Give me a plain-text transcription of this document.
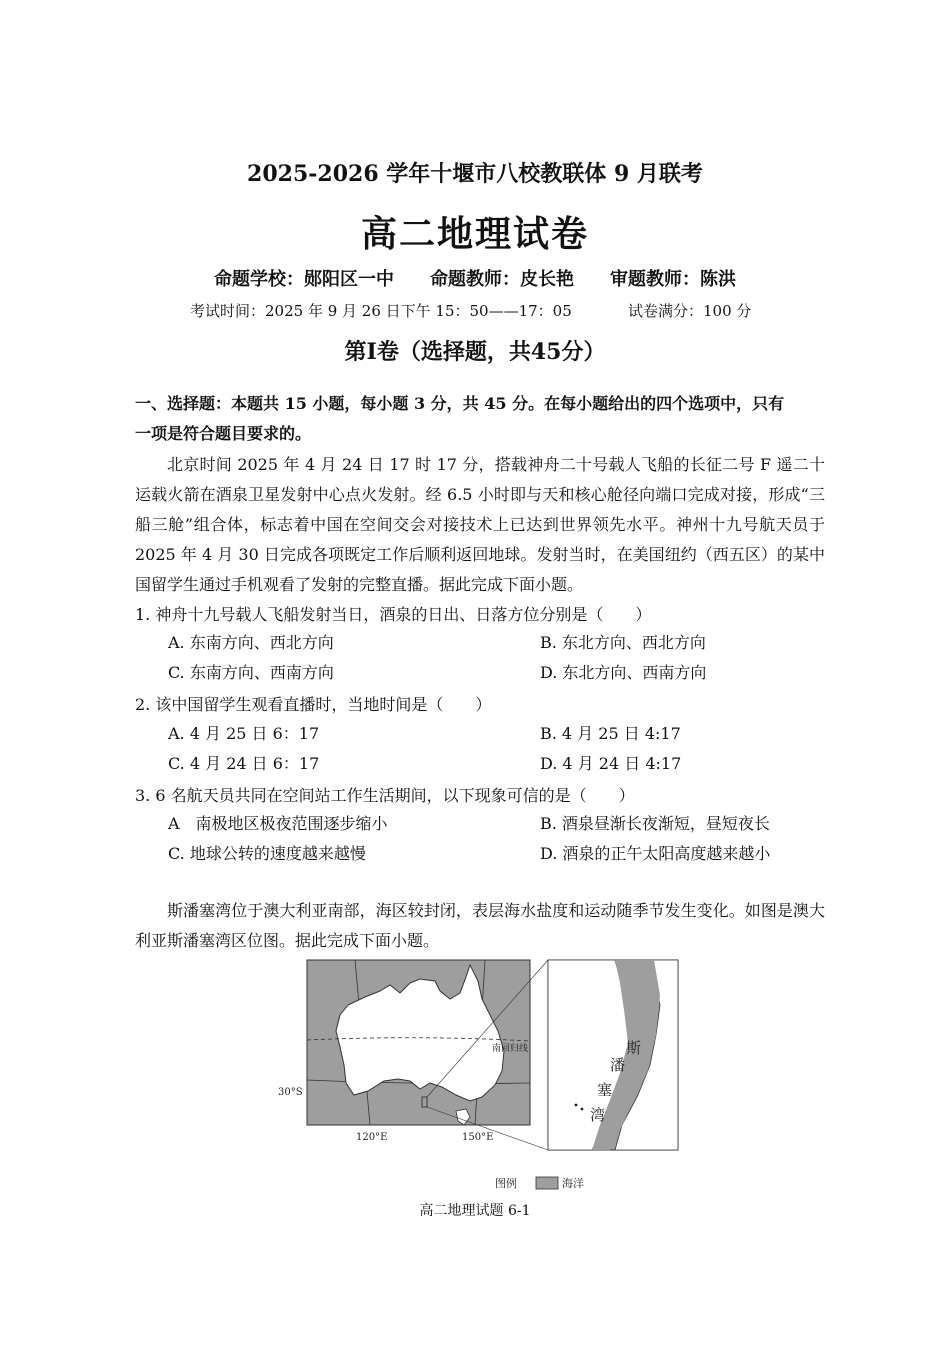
2025-2026 学年十堰市八校教联体 9 月联考
高二地理试卷
命题学校：郧阳区一中　　命题教师：皮长艳　　审题教师：陈洪
考试时间：2025 年 9 月 26 日下午 15：50——17：05	试卷满分：100 分
第I卷（选择题，共45分）
一、选择题：本题共 15 小题，每小题 3 分，共 45 分。在每小题给出的四个选项中，只有
一项是符合题目要求的。
北京时间 2025 年 4 月 24 日 17 时 17 分，搭载神舟二十号载人飞船的长征二号 F 遥二十运载火箭在酒泉卫星发射中心点火发射。经 6.5 小时即与天和核心舱径向端口完成对接，形成“三船三舱”组合体，标志着中国在空间交会对接技术上已达到世界领先水平。神州十九号航天员于 2025 年 4 月 30 日完成各项既定工作后顺利返回地球。发射当时，在美国纽约（西五区）的某中国留学生通过手机观看了发射的完整直播。据此完成下面小题。
1. 神舟十九号载人飞船发射当日，酒泉的日出、日落方位分别是（　　）
A. 东南方向、西北方向	B. 东北方向、西北方向
C. 东南方向、西南方向	D. 东北方向、西南方向
2. 该中国留学生观看直播时，当地时间是（　　）
A. 4 月 25 日 6：17	B. 4 月 25 日 4:17
C. 4 月 24 日 6：17	D. 4 月 24 日 4:17
3. 6 名航天员共同在空间站工作生活期间，以下现象可信的是（　　）
A　南极地区极夜范围逐步缩小	B. 酒泉昼渐长夜渐短，昼短夜长
C. 地球公转的速度越来越慢	D. 酒泉的正午太阳高度越来越小
斯潘塞湾位于澳大利亚南部，海区较封闭，表层海水盐度和运动随季节发生变化。如图是澳大利亚斯潘塞湾区位图。据此完成下面小题。
南回归线
30°S
120°E	150°E
斯
潘
塞
湾
图例	海洋
高二地理试题 6-1
